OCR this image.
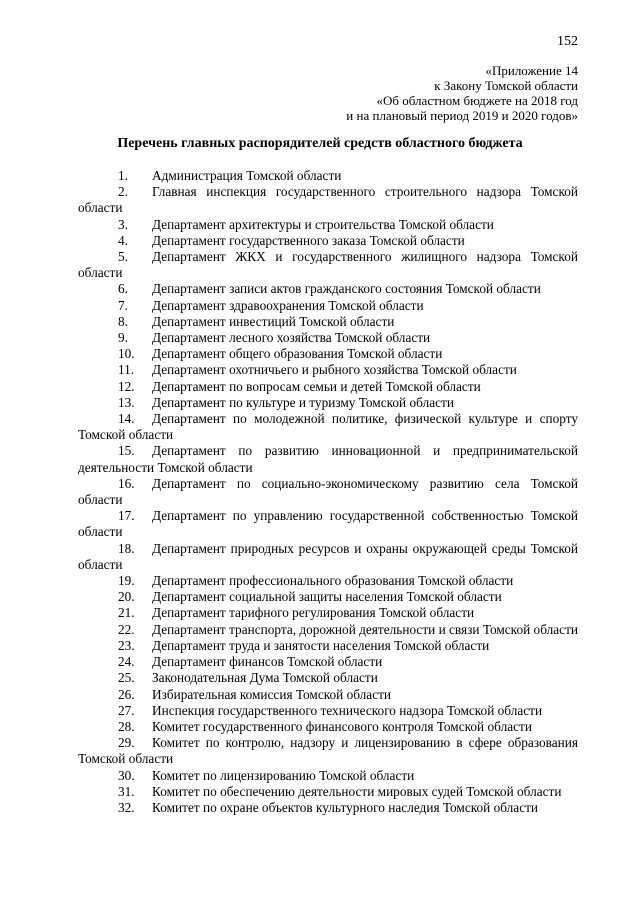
152
«Приложение 14
к Закону Томской области
«Об областном бюджете на 2018 год
и на плановый период 2019 и 2020 годов»
Перечень главных распорядителей средств областного бюджета
1. Администрация Томской области
2. Главная инспекция государственного строительного надзора Томской области
3. Департамент архитектуры и строительства Томской области
4. Департамент государственного заказа Томской области
5. Департамент ЖКХ и государственного жилищного надзора Томской области
6. Департамент записи актов гражданского состояния Томской области
7. Департамент здравоохранения Томской области
8. Департамент инвестиций Томской области
9. Департамент лесного хозяйства Томской области
10. Департамент общего образования Томской области
11. Департамент охотничьего и рыбного хозяйства Томской области
12. Департамент по вопросам семьи и детей Томской области
13. Департамент по культуре и туризму Томской области
14. Департамент по молодежной политике, физической культуре и спорту Томской области
15. Департамент по развитию инновационной и предпринимательской деятельности Томской области
16. Департамент по социально-экономическому развитию села Томской области
17. Департамент по управлению государственной собственностью Томской области
18. Департамент природных ресурсов и охраны окружающей среды Томской области
19. Департамент профессионального образования Томской области
20. Департамент социальной защиты населения Томской области
21. Департамент тарифного регулирования Томской области
22. Департамент транспорта, дорожной деятельности и связи Томской области
23. Департамент труда и занятости населения Томской области
24. Департамент финансов Томской области
25. Законодательная Дума Томской области
26. Избирательная комиссия Томской области
27. Инспекция государственного технического надзора Томской области
28. Комитет государственного финансового контроля Томской области
29. Комитет по контролю, надзору и лицензированию в сфере образования Томской области
30. Комитет по лицензированию Томской области
31. Комитет по обеспечению деятельности мировых судей Томской области
32. Комитет по охране объектов культурного наследия Томской области
